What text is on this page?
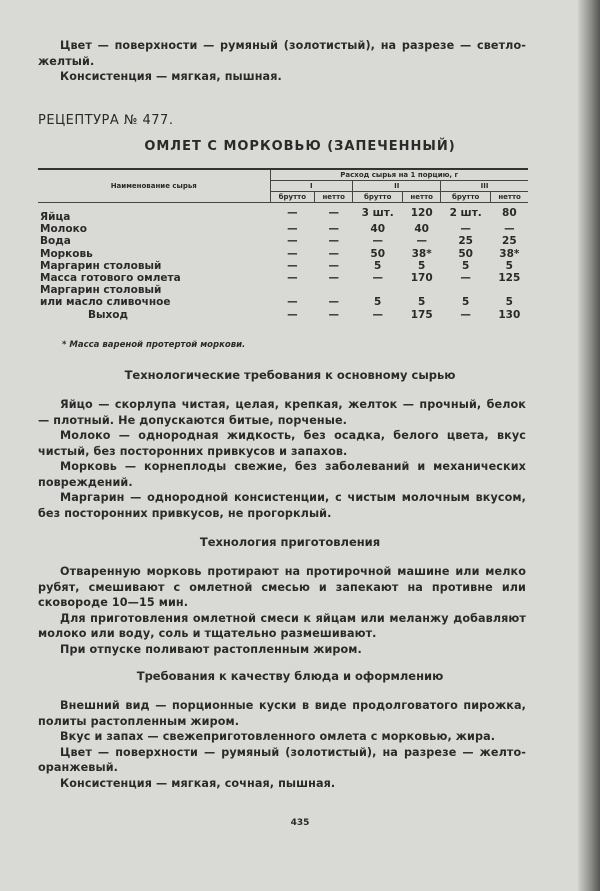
Цвет — поверхности — румяный (золотистый), на разрезе — светло-желтый.

Консистенция — мягкая, пышная.

РЕЦЕПТУРА № 477.
ОМЛЕТ С МОРКОВЬЮ (ЗАПЕЧЕННЫЙ)
Наименование сырья	Расход сырья на 1 порцию, г					
	I		II		III	
	брутто	нетто	брутто	нетто	брутто	нетто
Яйца	—	—	3 шт.	120	2 шт.	80
Молоко	—	—	40	40	—	—
Вода	—	—	—	—	25	25
Морковь	—	—	50	38*	50	38*
Маргарин столовый	—	—	5	5	5	5
Масса готового омлета	—	—	—	170	—	125
Маргарин столовый						
или масло сливочное	—	—	5	5	5	5
Выход	—	—	—	175	—	130
* Масса вареной протертой моркови.
Технологические требования к основному сырью

Яйцо — скорлупа чистая, целая, крепкая, желток — прочный, белок — плотный. Не допускаются битые, порченые.

Молоко — однородная жидкость, без осадка, белого цвета, вкус чистый, без посторонних привкусов и запахов.

Морковь — корнеплоды свежие, без заболеваний и механических повреждений.

Маргарин — однородной консистенции, с чистым молочным вкусом, без посторонних привкусов, не прогорклый.

Технология приготовления

Отваренную морковь протирают на протирочной машине или мелко рубят, смешивают с омлетной смесью и запекают на противне или сковороде 10—15 мин.

Для приготовления омлетной смеси к яйцам или меланжу добавляют молоко или воду, соль и тщательно размешивают.

При отпуске поливают растопленным жиром.

Требования к качеству блюда и оформлению

Внешний вид — порционные куски в виде продолговатого пирожка, политы растопленным жиром.

Вкус и запах — свежеприготовленного омлета с морковью, жира.

Цвет — поверхности — румяный (золотистый), на разрезе — желто-оранжевый.

Консистенция — мягкая, сочная, пышная.

435
